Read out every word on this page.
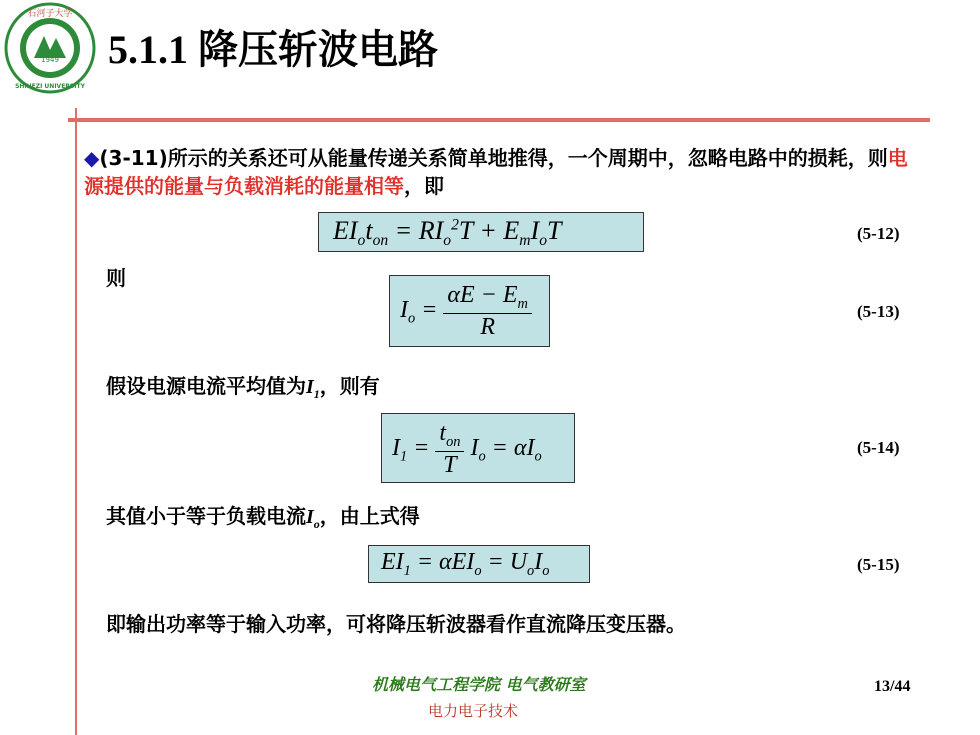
1949
石河子大学
SHIHEZI UNIVERSITY
5.1.1 降压斩波电路
◆(3-11)所示的关系还可从能量传递关系简单地推得，一个周期中，忽略电路中的损耗，则电源提供的能量与负载消耗的能量相等，即
$EI_ot_{on} = RI_o^2T + E_mI_oT$	(5-12)
则
$I_o = \frac{\alpha E - E_m}{R}$	(5-13)
假设电源电流平均值为$I_1$，则有
$I_1 = \frac{t_{on}}{T} I_o = \alpha I_o$	(5-14)
其值小于等于负载电流$I_o$，由上式得
$EI_1 = \alpha EI_o = U_oI_o$	(5-15)
即输出功率等于输入功率，可将降压斩波器看作直流降压变压器。
机械电气工程学院 电气教研室
电力电子技术
13/44
